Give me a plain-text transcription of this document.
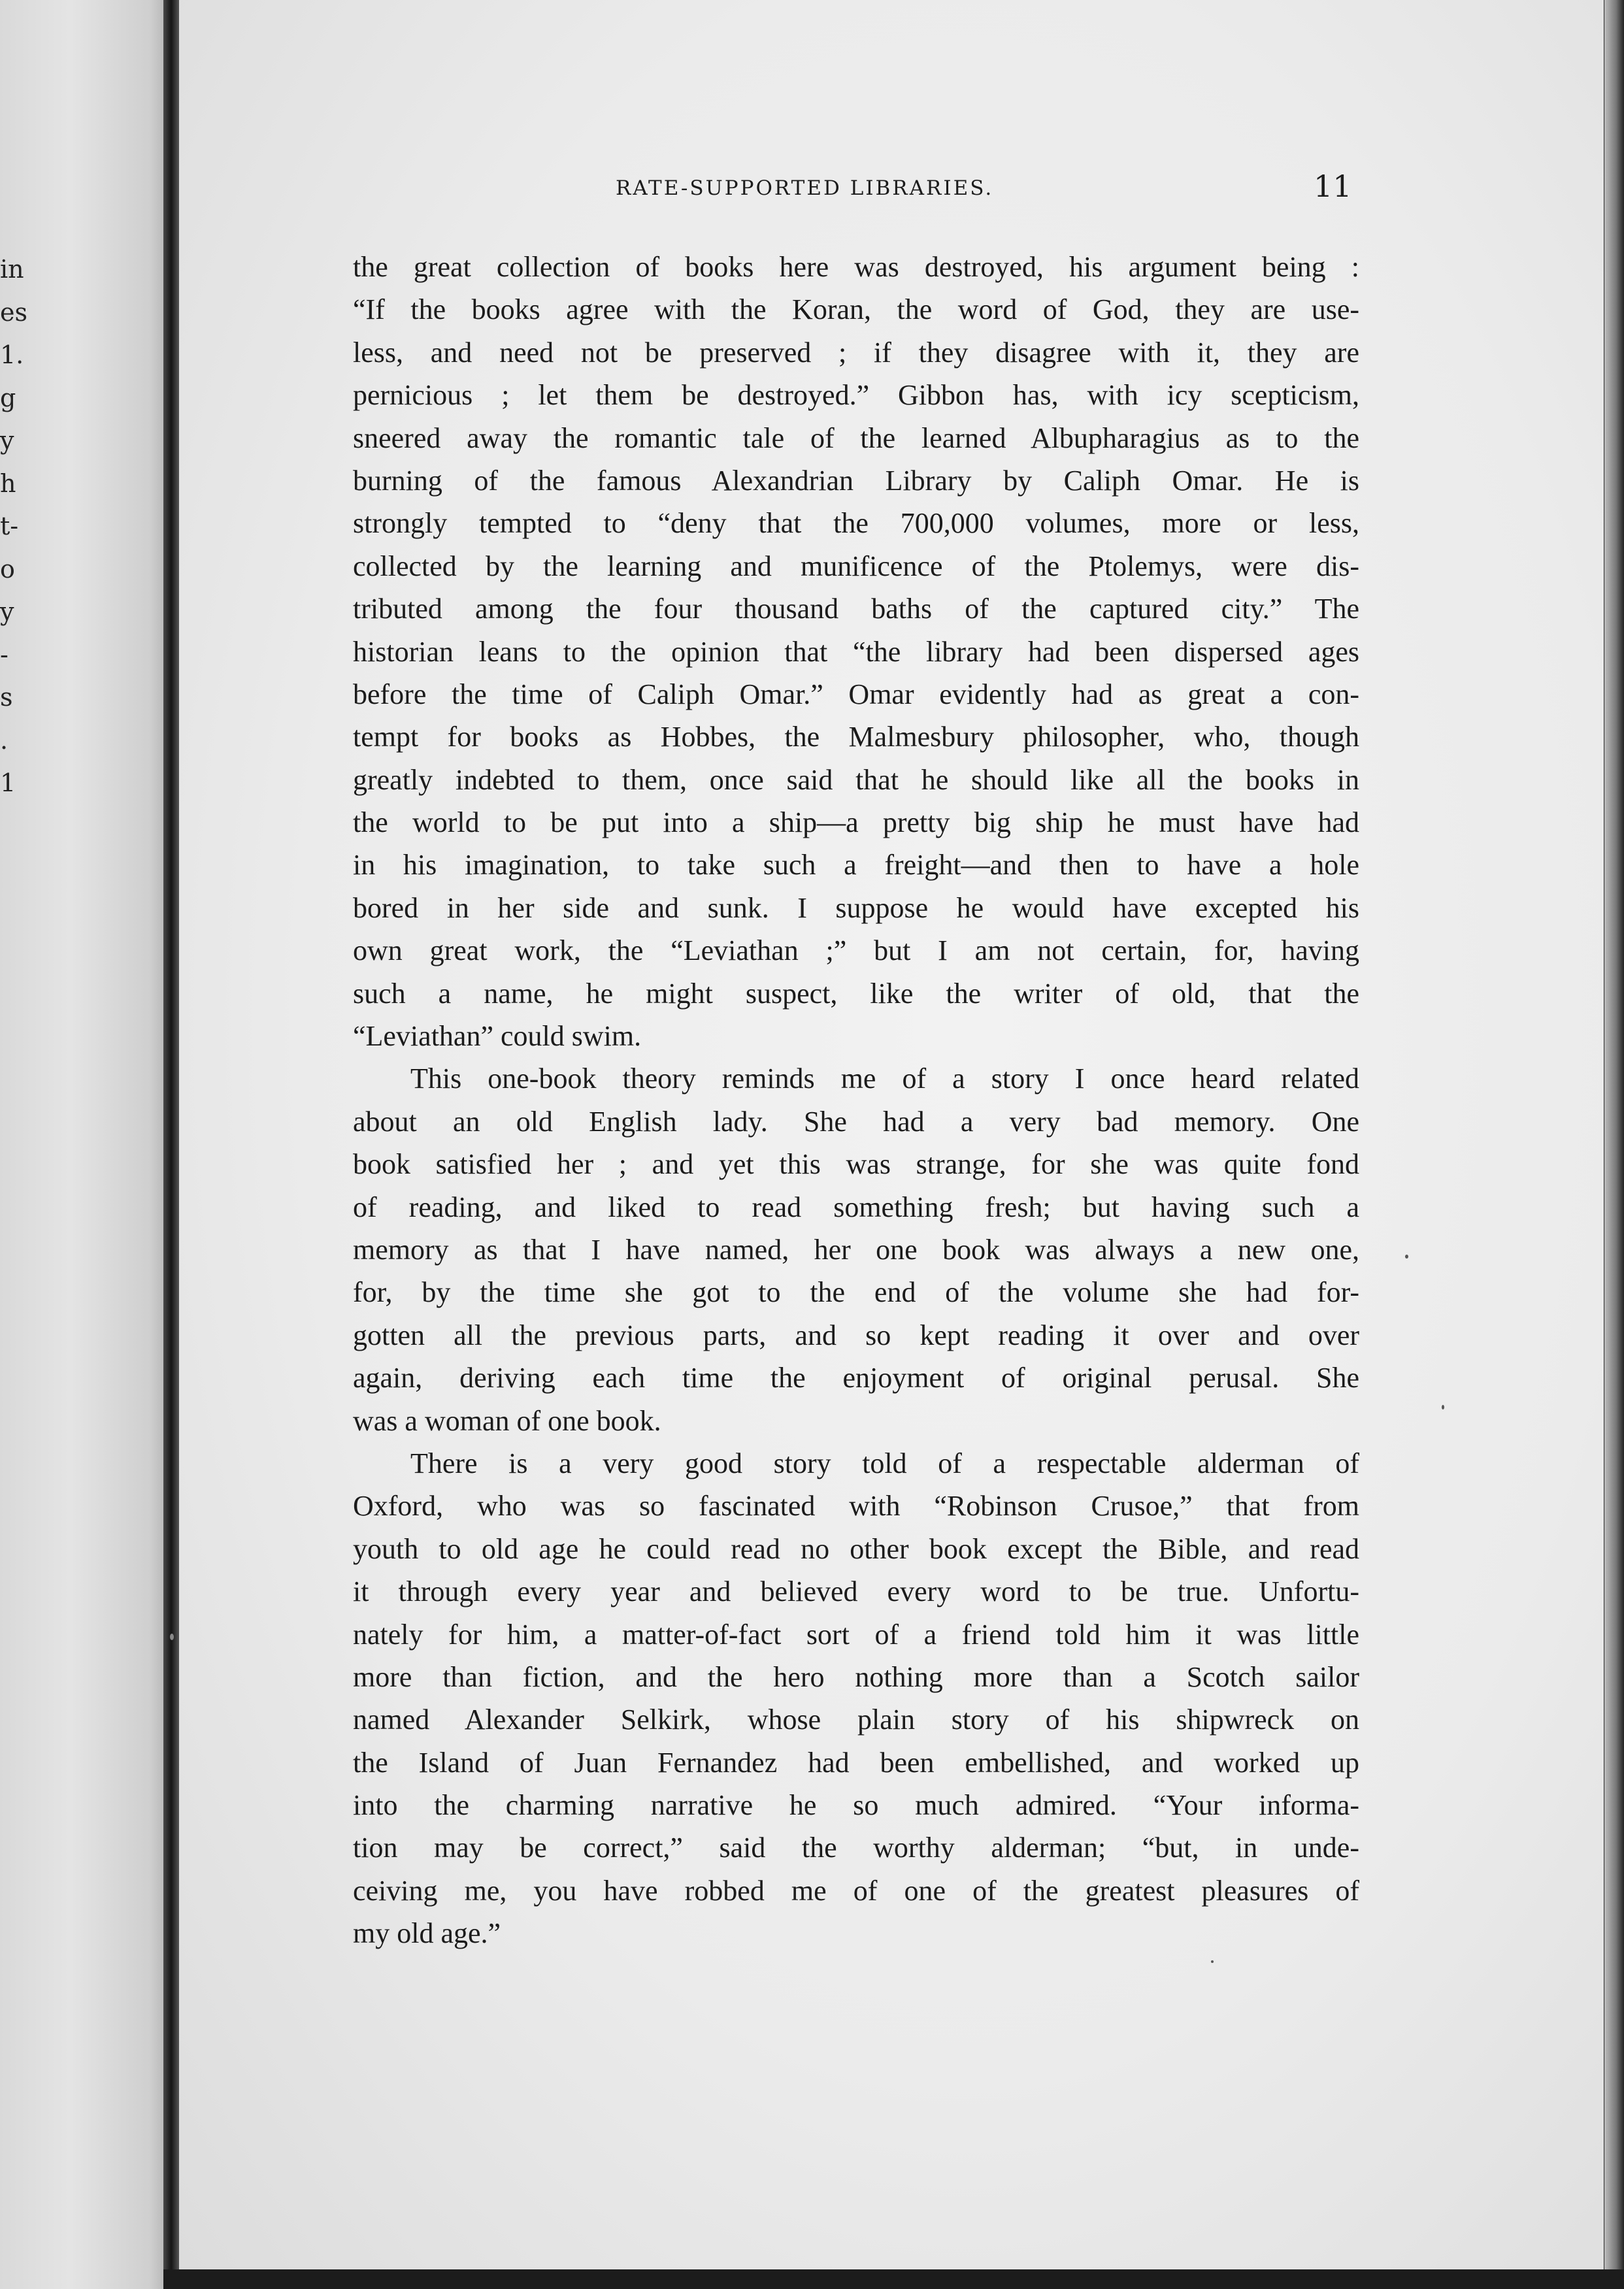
in
es
1.
g
y
h
t-
o
y
-
s
.
1
RATE-SUPPORTED LIBRARIES.	11
the great collection of books here was destroyed, his argument being :
“If the books agree with the Koran, the word of God, they are use-
less, and need not be preserved ; if they disagree with it, they are
pernicious ; let them be destroyed.” Gibbon has, with icy scepticism,
sneered away the romantic tale of the learned Albupharagius as to the
burning of the famous Alexandrian Library by Caliph Omar. He is
strongly tempted to “deny that the 700,000 volumes, more or less,
collected by the learning and munificence of the Ptolemys, were dis-
tributed among the four thousand baths of the captured city.” The
historian leans to the opinion that “the library had been dispersed ages
before the time of Caliph Omar.” Omar evidently had as great a con-
tempt for books as Hobbes, the Malmesbury philosopher, who, though
greatly indebted to them, once said that he should like all the books in
the world to be put into a ship—a pretty big ship he must have had
in his imagination, to take such a freight—and then to have a hole
bored in her side and sunk. I suppose he would have excepted his
own great work, the “Leviathan ;” but I am not certain, for, having
such a name, he might suspect, like the writer of old, that the
“Leviathan” could swim.
This one-book theory reminds me of a story I once heard related
about an old English lady. She had a very bad memory. One
book satisfied her ; and yet this was strange, for she was quite fond
of reading, and liked to read something fresh; but having such a
memory as that I have named, her one book was always a new one,
for, by the time she got to the end of the volume she had for-
gotten all the previous parts, and so kept reading it over and over
again, deriving each time the enjoyment of original perusal. She
was a woman of one book.
There is a very good story told of a respectable alderman of
Oxford, who was so fascinated with “Robinson Crusoe,” that from
youth to old age he could read no other book except the Bible, and read
it through every year and believed every word to be true. Unfortu-
nately for him, a matter-of-fact sort of a friend told him it was little
more than fiction, and the hero nothing more than a Scotch sailor
named Alexander Selkirk, whose plain story of his shipwreck on
the Island of Juan Fernandez had been embellished, and worked up
into the charming narrative he so much admired. “Your informa-
tion may be correct,” said the worthy alderman; “but, in unde-
ceiving me, you have robbed me of one of the greatest pleasures of
my old age.”
